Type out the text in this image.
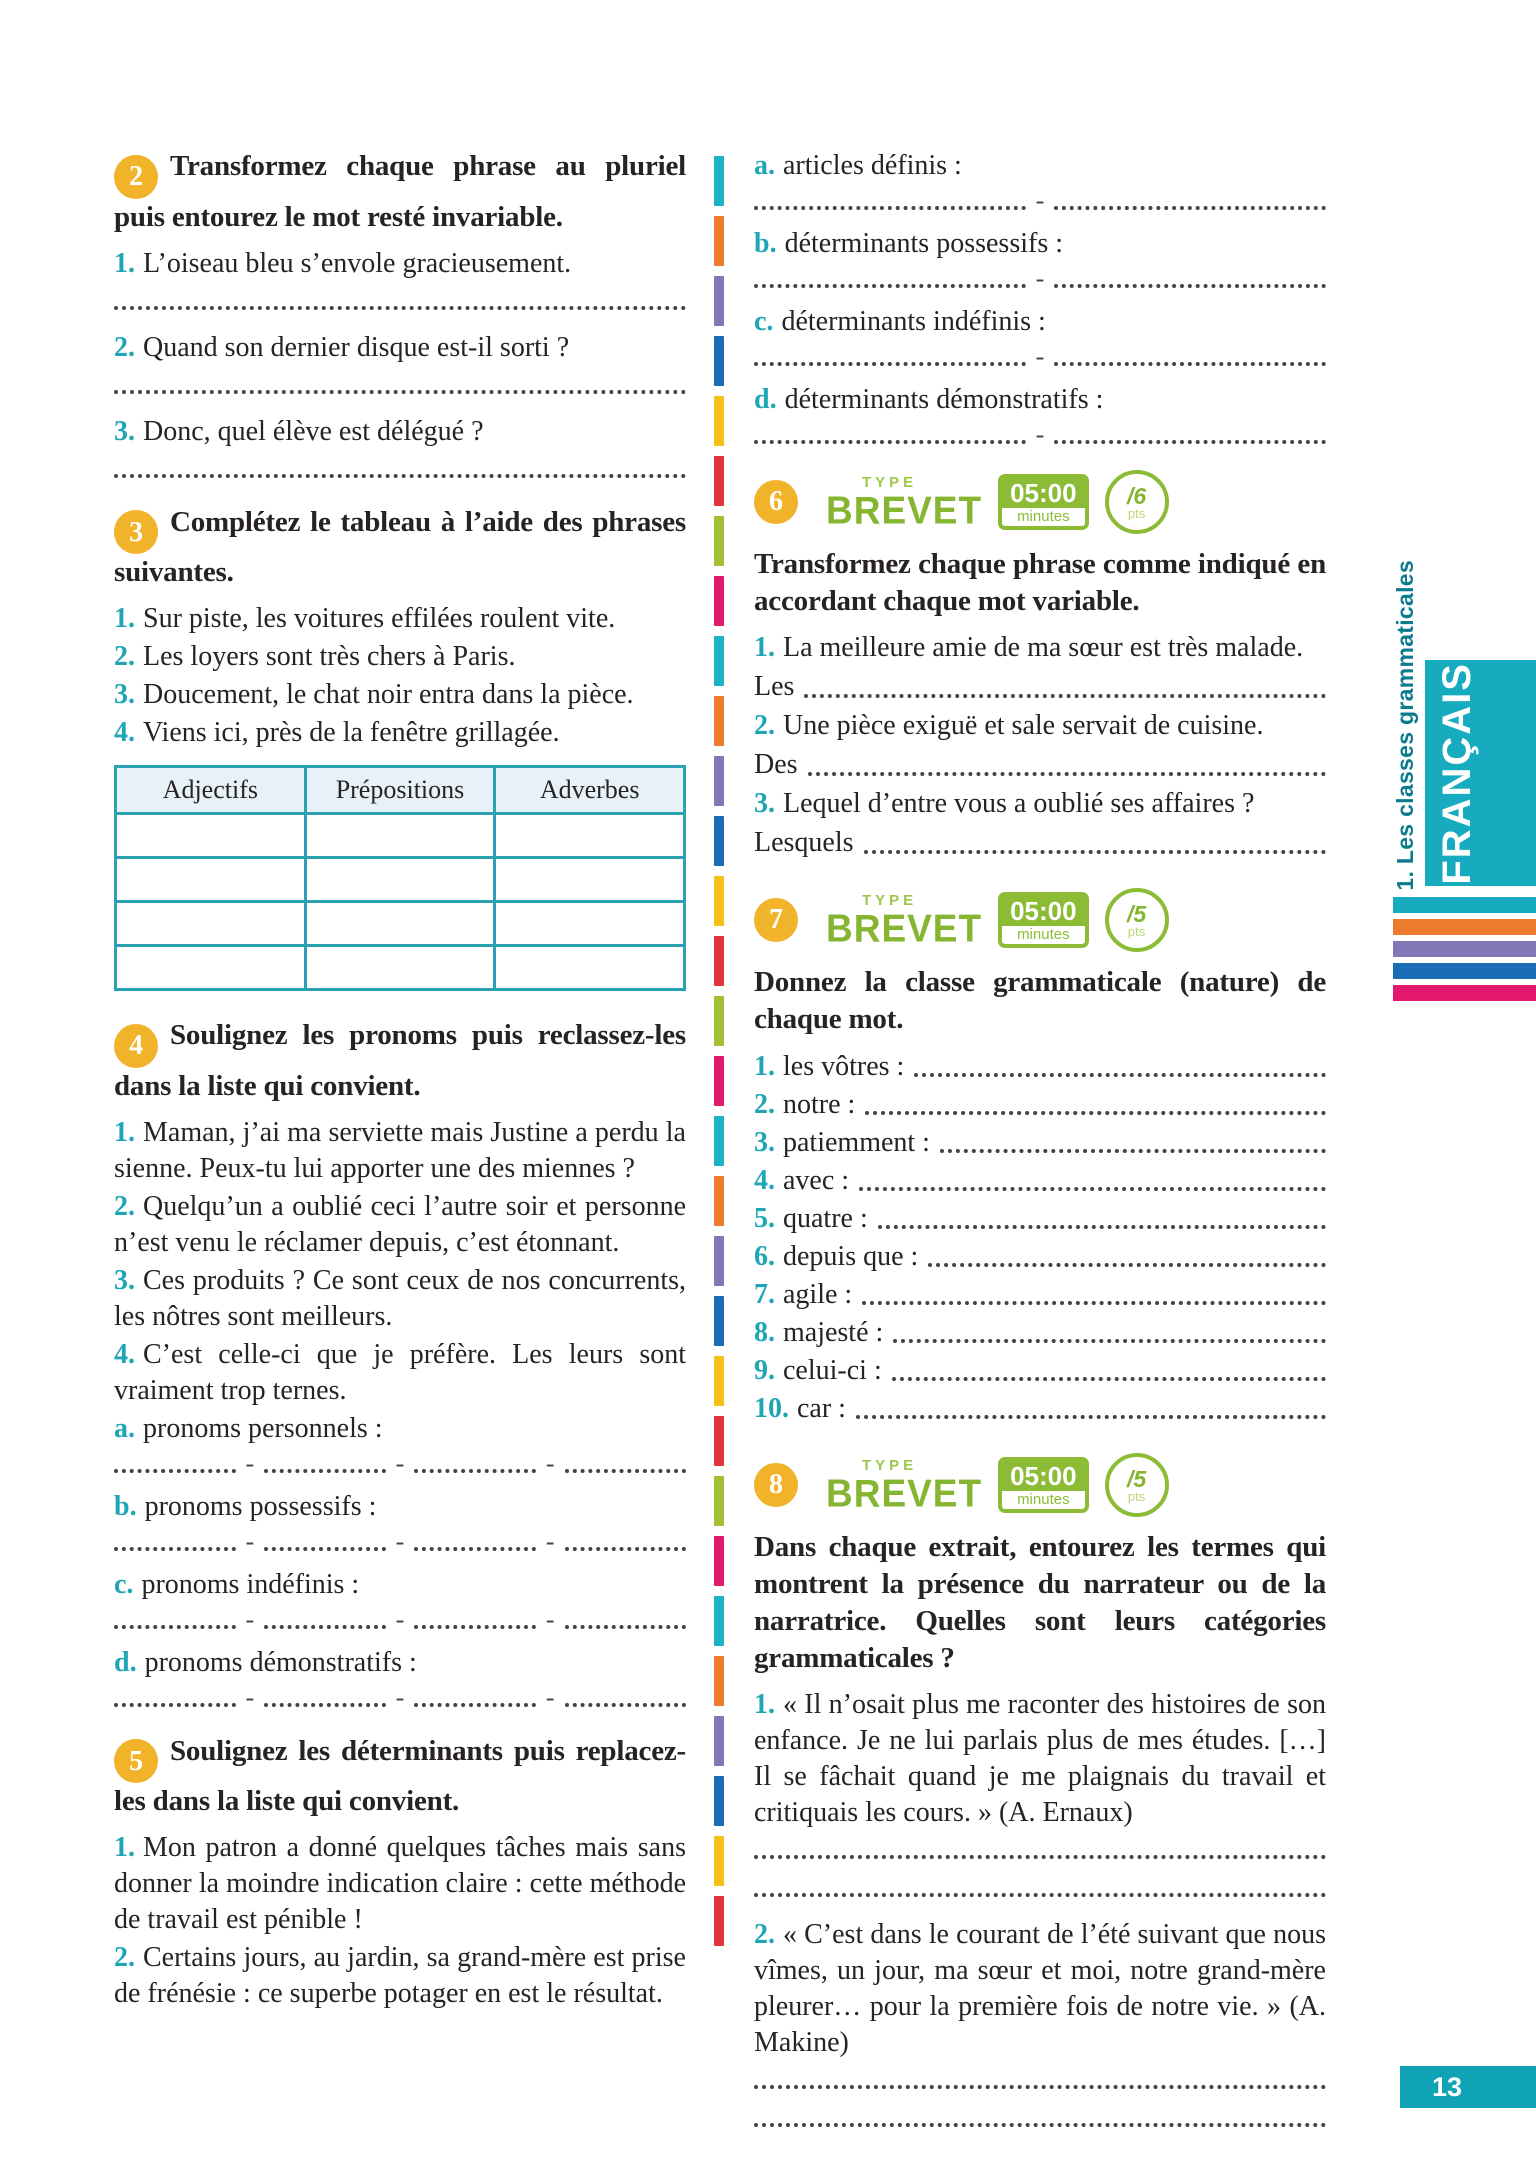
2 Transformez chaque phrase au pluriel puis entourez le mot resté invariable.

1. L’oiseau bleu s’envole gracieusement.

2. Quand son dernier disque est-il sorti ?

3. Donc, quel élève est délégué ?

3 Complétez le tableau à l’aide des phrases suivantes.

1. Sur piste, les voitures effilées roulent vite.

2. Les loyers sont très chers à Paris.

3. Doucement, le chat noir entra dans la pièce.

4. Viens ici, près de la fenêtre grillagée.

Adjectifs	Prépositions	Adverbes

4 Soulignez les pronoms puis reclassez-les dans la liste qui convient.

1. Maman, j’ai ma serviette mais Justine a perdu la sienne. Peux-tu lui apporter une des miennes ?

2. Quelqu’un a oublié ceci l’autre soir et personne n’est venu le réclamer depuis, c’est étonnant.

3. Ces produits ? Ce sont ceux de nos concurrents, les nôtres sont meilleurs.

4. C’est celle-ci que je préfère. Les leurs sont vraiment trop ternes.

a. pronoms personnels :

-	-	-

b. pronoms possessifs :

-	-	-

c. pronoms indéfinis :

-	-	-

d. pronoms démonstratifs :

-	-	-

5 Soulignez les déterminants puis replacez-les dans la liste qui convient.

1. Mon patron a donné quelques tâches mais sans donner la moindre indication claire : cette méthode de travail est pénible !

2. Certains jours, au jardin, sa grand-mère est prise de frénésie : ce superbe potager en est le résultat.

a. articles définis :

-

b. déterminants possessifs :

-

c. déterminants indéfinis :

-

d. déterminants démonstratifs :

-
6
TYPE
BREVET	05:00
minutes
/6
pts

Transformez chaque phrase comme indiqué en accordant chaque mot variable.

1. La meilleure amie de ma sœur est très malade.

Les

2. Une pièce exiguë et sale servait de cuisine.

Des

3. Lequel d’entre vous a oublié ses affaires ?

Lesquels
7
TYPE
BREVET	05:00
minutes
/5
pts

Donnez la classe grammaticale (nature) de chaque mot.

1. les vôtres :
2. notre :
3. patiemment :
4. avec :
5. quatre :
6. depuis que :
7. agile :
8. majesté :
9. celui-ci :
10. car :
8
TYPE
BREVET	05:00
minutes
/5
pts

Dans chaque extrait, entourez les termes qui montrent la présence du narrateur ou de la narratrice. Quelles sont leurs catégories grammaticales ?

1. « Il n’osait plus me raconter des histoires de son enfance. Je ne lui parlais plus de mes études. […] Il se fâchait quand je me plaignais du travail et critiquais les cours. » (A. Ernaux)

2. « C’est dans le courant de l’été suivant que nous vîmes, un jour, ma sœur et moi, notre grand-mère pleurer… pour la première fois de notre vie. » (A. Makine)

1. Les classes grammaticales FRANÇAIS
13
